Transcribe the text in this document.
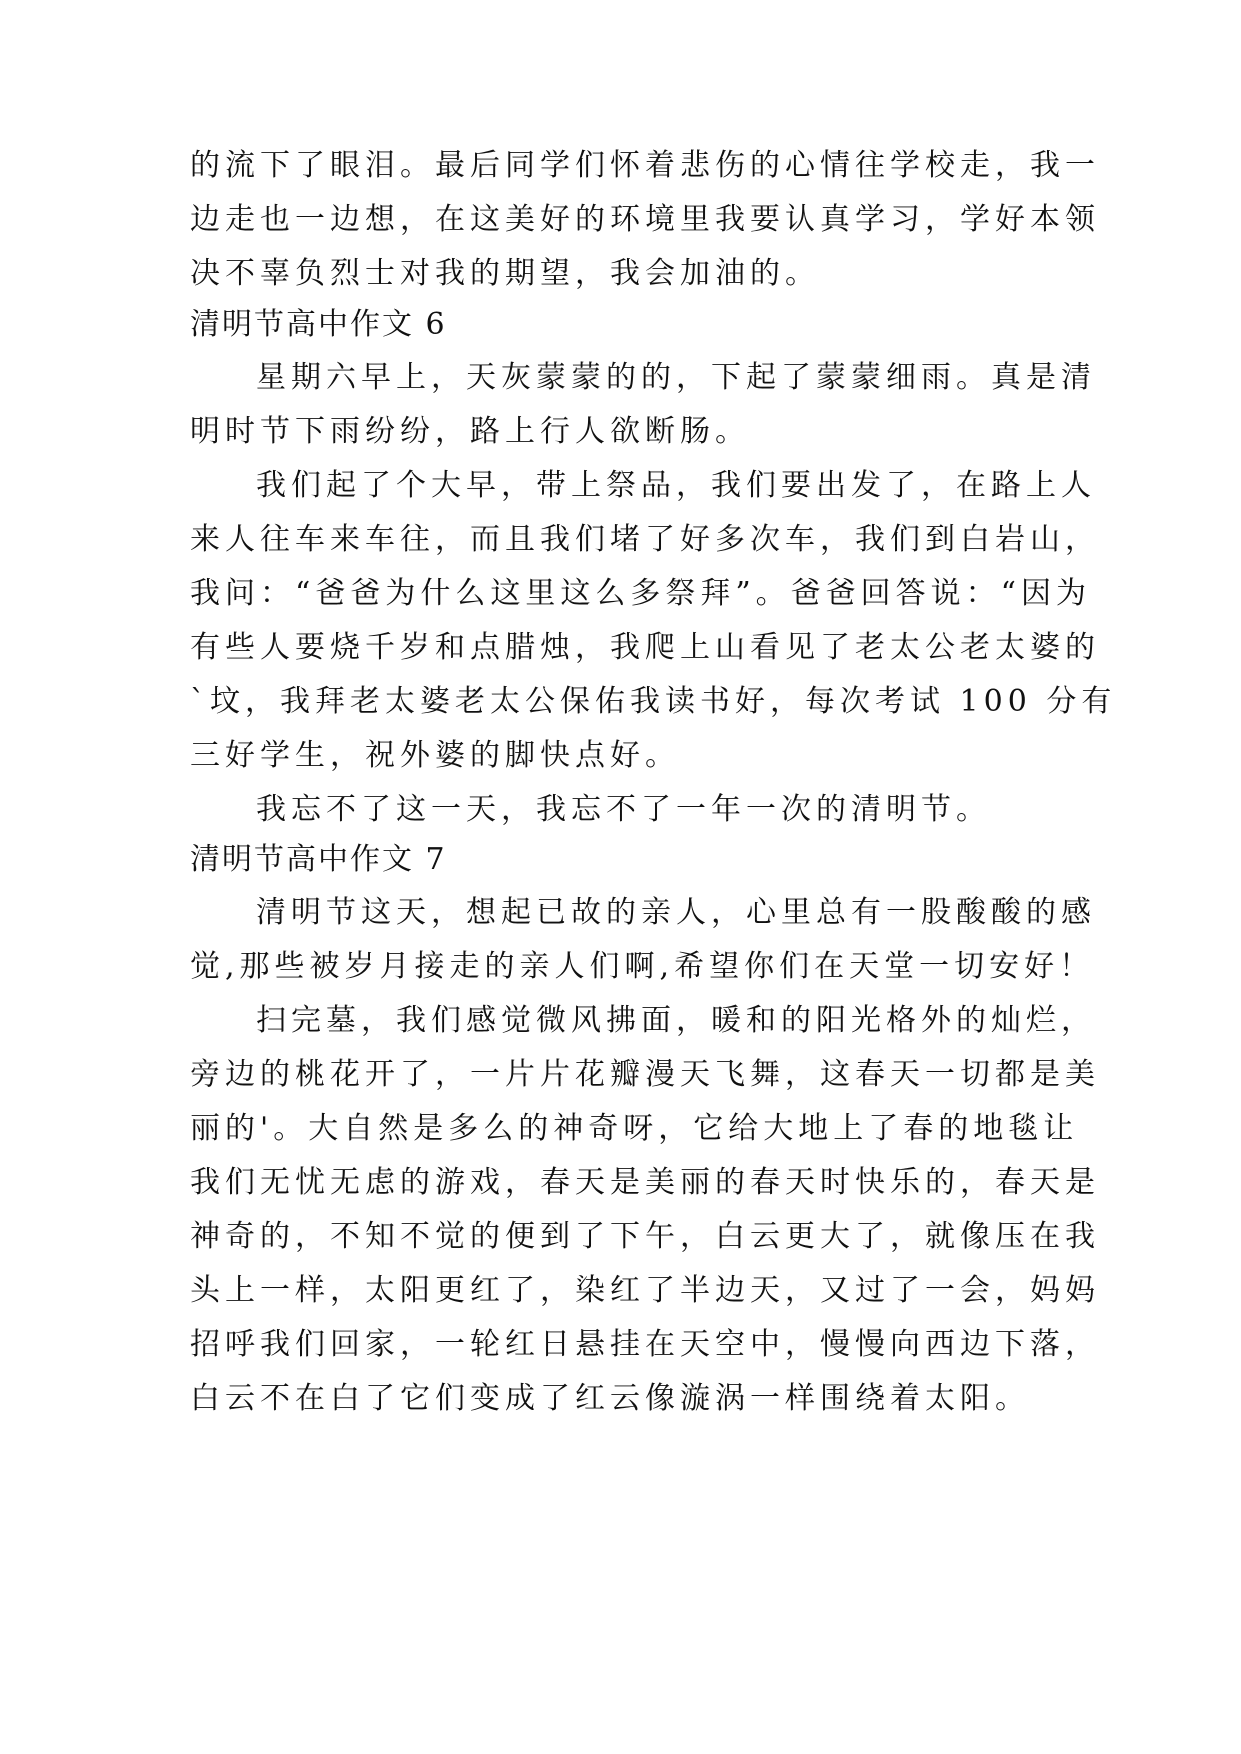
的流下了眼泪。最后同学们怀着悲伤的心情往学校走，我一
边走也一边想，在这美好的环境里我要认真学习，学好本领
决不辜负烈士对我的期望，我会加油的。
清明节高中作文 6
星期六早上，天灰蒙蒙的的，下起了蒙蒙细雨。真是清
明时节下雨纷纷，路上行人欲断肠。
我们起了个大早，带上祭品，我们要出发了，在路上人
来人往车来车往，而且我们堵了好多次车，我们到白岩山，
我问：“爸爸为什么这里这么多祭拜”。爸爸回答说：“因为
有些人要烧千岁和点腊烛，我爬上山看见了老太公老太婆的
`坟，我拜老太婆老太公保佑我读书好，每次考试 100 分有
三好学生，祝外婆的脚快点好。
我忘不了这一天，我忘不了一年一次的清明节。
清明节高中作文 7
清明节这天，想起已故的亲人，心里总有一股酸酸的感
觉,那些被岁月接走的亲人们啊,希望你们在天堂一切安好！
扫完墓，我们感觉微风拂面，暖和的阳光格外的灿烂，
旁边的桃花开了，一片片花瓣漫天飞舞，这春天一切都是美
丽的'。大自然是多么的神奇呀，它给大地上了春的地毯让
我们无忧无虑的游戏，春天是美丽的春天时快乐的，春天是
神奇的，不知不觉的便到了下午，白云更大了，就像压在我
头上一样，太阳更红了，染红了半边天，又过了一会，妈妈
招呼我们回家，一轮红日悬挂在天空中，慢慢向西边下落，
白云不在白了它们变成了红云像漩涡一样围绕着太阳。
